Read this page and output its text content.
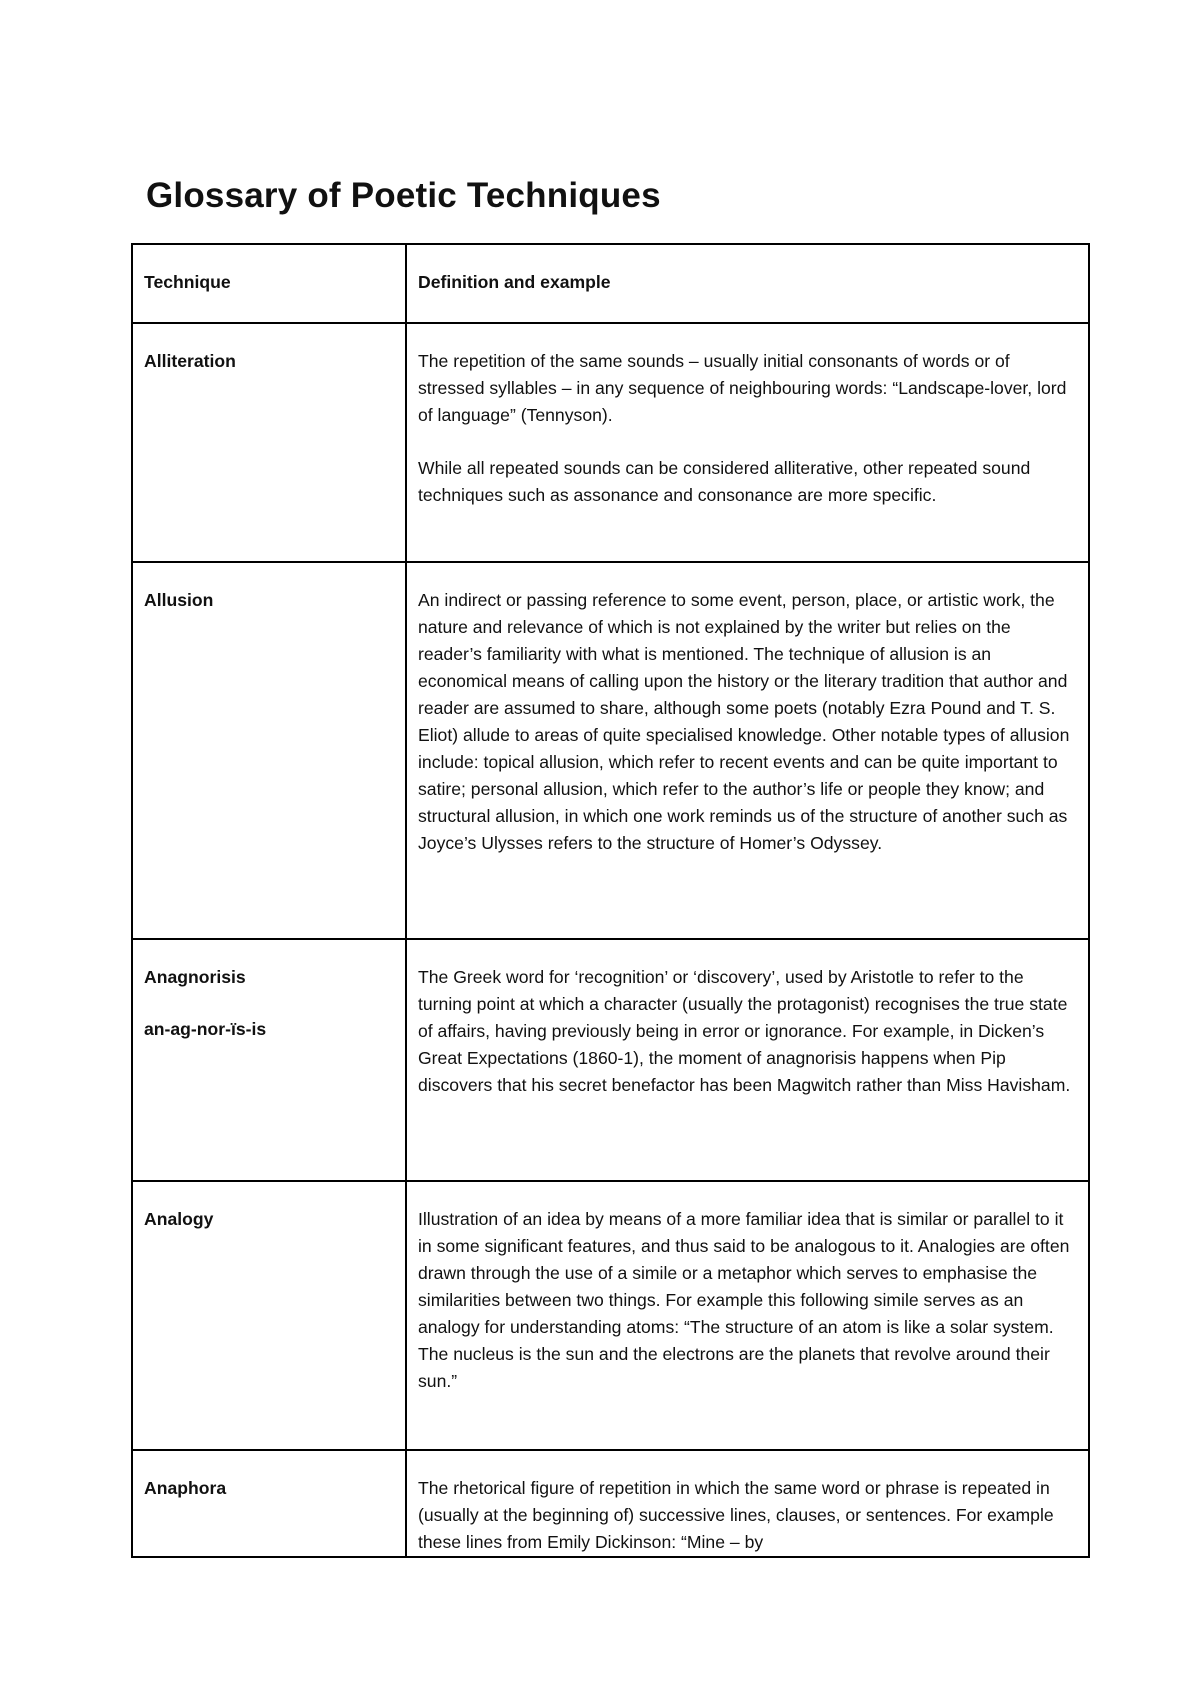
Glossary of Poetic Techniques
Technique	Definition and example

Alliteration	The repetition of the same sounds – usually initial consonants of words or of stressed syllables – in any sequence of neighbouring words: “Landscape-lover, lord of language” (Tennyson).

While all repeated sounds can be considered alliterative, other repeated sound techniques such as assonance and consonance are more specific.

Allusion	An indirect or passing reference to some event, person, place, or artistic work, the nature and relevance of which is not explained by the writer but relies on the reader’s familiarity with what is mentioned. The technique of allusion is an economical means of calling upon the history or the literary tradition that author and reader are assumed to share, although some poets (notably Ezra Pound and T. S. Eliot) allude to areas of quite specialised knowledge. Other notable types of allusion include: topical allusion, which refer to recent events and can be quite important to satire; personal allusion, which refer to the author’s life or people they know; and structural allusion, in which one work reminds us of the structure of another such as Joyce’s Ulysses refers to the structure of Homer’s Odyssey.

Anagnorisis
an-ag-nor-ïs-is	The Greek word for ‘recognition’ or ‘discovery’, used by Aristotle to refer to the turning point at which a character (usually the protagonist) recognises the true state of affairs, having previously being in error or ignorance. For example, in Dicken’s Great Expectations (1860-1), the moment of anagnorisis happens when Pip discovers that his secret benefactor has been Magwitch rather than Miss Havisham.

Analogy	Illustration of an idea by means of a more familiar idea that is similar or parallel to it in some significant features, and thus said to be analogous to it. Analogies are often drawn through the use of a simile or a metaphor which serves to emphasise the similarities between two things. For example this following simile serves as an analogy for understanding atoms: “The structure of an atom is like a solar system. The nucleus is the sun and the electrons are the planets that revolve around their sun.”

Anaphora	The rhetorical figure of repetition in which the same word or phrase is repeated in (usually at the beginning of) successive lines, clauses, or sentences. For example these lines from Emily Dickinson: “Mine – by
